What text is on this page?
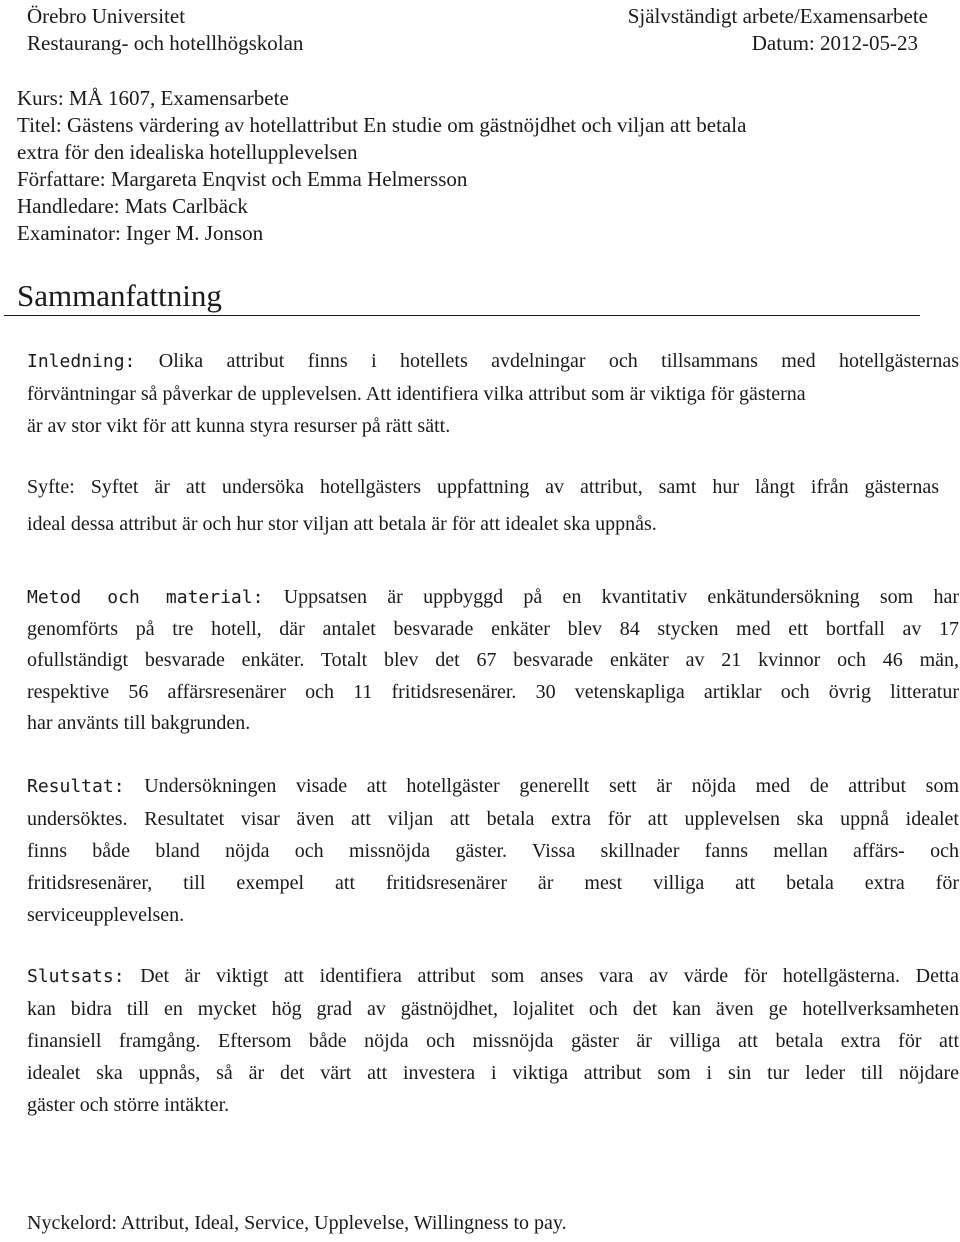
Örebro Universitet
Restaurang- och hotellhögskolan
Självständigt arbete/Examensarbete
Datum: 2012-05-23
Kurs: MÅ 1607, Examensarbete
Titel: Gästens värdering av hotellattribut En studie om gästnöjdhet och viljan att betala
extra för den idealiska hotellupplevelsen
Författare: Margareta Enqvist och Emma Helmersson
Handledare: Mats Carlbäck
Examinator: Inger M. Jonson
Sammanfattning
Inledning: Olika attribut finns i hotellets avdelningar och tillsammans med hotellgästernas
förväntningar så påverkar de upplevelsen. Att identifiera vilka attribut som är viktiga för gästerna
är av stor vikt för att kunna styra resurser på rätt sätt.
Syfte: Syftet är att undersöka hotellgästers uppfattning av attribut, samt hur långt ifrån gästernas
ideal dessa attribut är och hur stor viljan att betala är för att idealet ska uppnås.
Metod och material: Uppsatsen är uppbyggd på en kvantitativ enkätundersökning som har
genomförts på tre hotell, där antalet besvarade enkäter blev 84 stycken med ett bortfall av 17
ofullständigt besvarade enkäter. Totalt blev det 67 besvarade enkäter av 21 kvinnor och 46 män,
respektive 56 affärsresenärer och 11 fritidsresenärer. 30 vetenskapliga artiklar och övrig litteratur
har använts till bakgrunden.
Resultat: Undersökningen visade att hotellgäster generellt sett är nöjda med de attribut som
undersöktes. Resultatet visar även att viljan att betala extra för att upplevelsen ska uppnå idealet
finns både bland nöjda och missnöjda gäster. Vissa skillnader fanns mellan affärs- och
fritidsresenärer, till exempel att fritidsresenärer är mest villiga att betala extra för
serviceupplevelsen.
Slutsats: Det är viktigt att identifiera attribut som anses vara av värde för hotellgästerna. Detta
kan bidra till en mycket hög grad av gästnöjdhet, lojalitet och det kan även ge hotellverksamheten
finansiell framgång. Eftersom både nöjda och missnöjda gäster är villiga att betala extra för att
idealet ska uppnås, så är det värt att investera i viktiga attribut som i sin tur leder till nöjdare
gäster och större intäkter.
Nyckelord: Attribut, Ideal, Service, Upplevelse, Willingness to pay.
